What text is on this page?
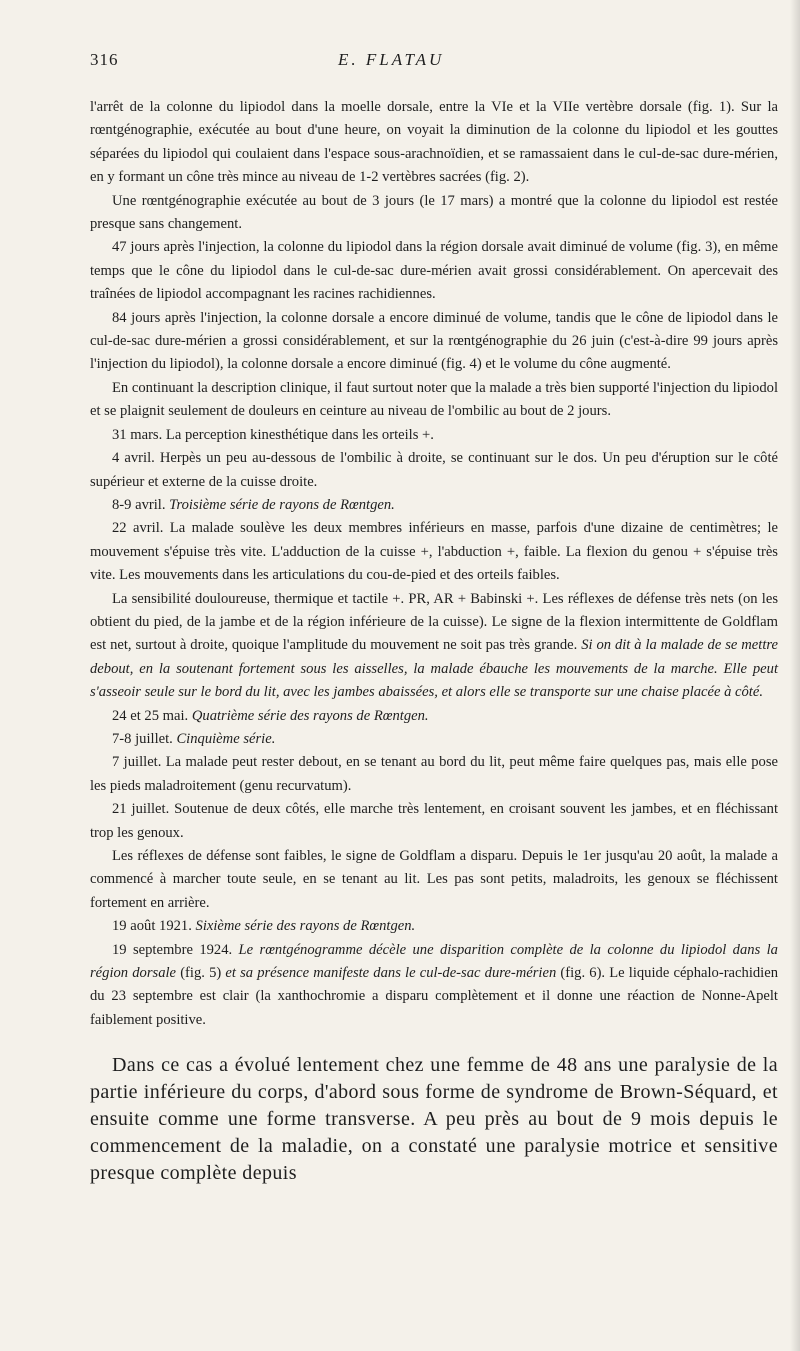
316	E. FLATAU

l'arrêt de la colonne du lipiodol dans la moelle dorsale, entre la VIe et la VIIe vertèbre dorsale (fig. 1). Sur la rœntgénographie, exécutée au bout d'une heure, on voyait la diminution de la colonne du lipiodol et les gouttes séparées du lipiodol qui coulaient dans l'espace sous-arachnoïdien, et se ramassaient dans le cul-de-sac dure-mérien, en y formant un cône très mince au niveau de 1-2 vertèbres sacrées (fig. 2).

Une rœntgénographie exécutée au bout de 3 jours (le 17 mars) a montré que la colonne du lipiodol est restée presque sans changement.

47 jours après l'injection, la colonne du lipiodol dans la région dorsale avait diminué de volume (fig. 3), en même temps que le cône du lipiodol dans le cul-de-sac dure-mérien avait grossi considérablement. On apercevait des traînées de lipiodol accompagnant les racines rachidiennes.

84 jours après l'injection, la colonne dorsale a encore diminué de volume, tandis que le cône de lipiodol dans le cul-de-sac dure-mérien a grossi considérablement, et sur la rœntgénographie du 26 juin (c'est-à-dire 99 jours après l'injection du lipiodol), la colonne dorsale a encore diminué (fig. 4) et le volume du cône augmenté.

En continuant la description clinique, il faut surtout noter que la malade a très bien supporté l'injection du lipiodol et se plaignit seulement de douleurs en ceinture au niveau de l'ombilic au bout de 2 jours.

31 mars. La perception kinesthétique dans les orteils +.

4 avril. Herpès un peu au-dessous de l'ombilic à droite, se continuant sur le dos. Un peu d'éruption sur le côté supérieur et externe de la cuisse droite.

8-9 avril. Troisième série de rayons de Rœntgen.

22 avril. La malade soulève les deux membres inférieurs en masse, parfois d'une dizaine de centimètres; le mouvement s'épuise très vite. L'adduction de la cuisse +, l'abduction +, faible. La flexion du genou + s'épuise très vite. Les mouvements dans les articulations du cou-de-pied et des orteils faibles.

La sensibilité douloureuse, thermique et tactile +. PR, AR + Babinski +. Les réflexes de défense très nets (on les obtient du pied, de la jambe et de la région inférieure de la cuisse). Le signe de la flexion intermittente de Goldflam est net, surtout à droite, quoique l'amplitude du mouvement ne soit pas très grande. Si on dit à la malade de se mettre debout, en la soutenant fortement sous les aisselles, la malade ébauche les mouvements de la marche. Elle peut s'asseoir seule sur le bord du lit, avec les jambes abaissées, et alors elle se transporte sur une chaise placée à côté.

24 et 25 mai. Quatrième série des rayons de Rœntgen.

7-8 juillet. Cinquième série.

7 juillet. La malade peut rester debout, en se tenant au bord du lit, peut même faire quelques pas, mais elle pose les pieds maladroitement (genu recurvatum).

21 juillet. Soutenue de deux côtés, elle marche très lentement, en croisant souvent les jambes, et en fléchissant trop les genoux.

Les réflexes de défense sont faibles, le signe de Goldflam a disparu. Depuis le 1er jusqu'au 20 août, la malade a commencé à marcher toute seule, en se tenant au lit. Les pas sont petits, maladroits, les genoux se fléchissent fortement en arrière.

19 août 1921. Sixième série des rayons de Rœntgen.

19 septembre 1924. Le rœntgénogramme décèle une disparition complète de la colonne du lipiodol dans la région dorsale (fig. 5) et sa présence manifeste dans le cul-de-sac dure-mérien (fig. 6). Le liquide céphalo-rachidien du 23 septembre est clair (la xanthochromie a disparu complètement et il donne une réaction de Nonne-Apelt faiblement positive.

Dans ce cas a évolué lentement chez une femme de 48 ans une paralysie de la partie inférieure du corps, d'abord sous forme de syndrome de Brown-Séquard, et ensuite comme une forme transverse. A peu près au bout de 9 mois depuis le commencement de la maladie, on a constaté une paralysie motrice et sensitive presque complète depuis
